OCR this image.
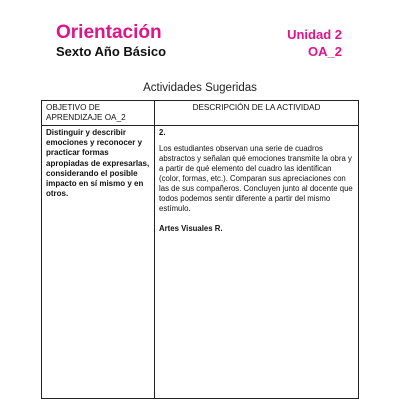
Orientación
Sexto Año Básico
Unidad 2
OA_2
Actividades Sugeridas
OBJETIVO DE APRENDIZAJE OA_2	DESCRIPCIÓN DE LA ACTIVIDAD
Distinguir y describir emociones y reconocer y practicar formas apropiadas de expresarlas, considerando el posible impacto en sí mismo y en otros.	2.
Los estudiantes observan una serie de cuadros abstractos y señalan qué emociones transmite la obra y a partir de qué elemento del cuadro las identifican (color, formas, etc.). Comparan sus apreciaciones con las de sus compañeros. Concluyen junto al docente que todos podemos sentir diferente a partir del mismo estímulo.
Artes Visuales R.
